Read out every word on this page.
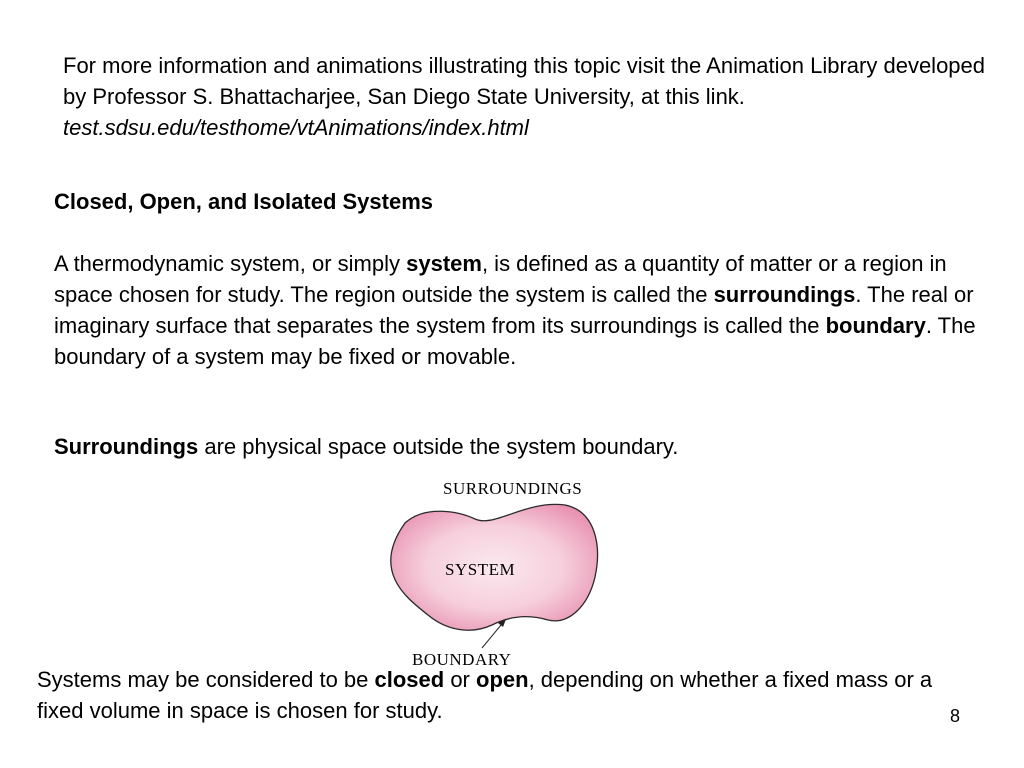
For more information and animations illustrating this topic visit the Animation Library developed by Professor S. Bhattacharjee, San Diego State University, at this link. test.sdsu.edu/testhome/vtAnimations/index.html
Closed, Open, and Isolated Systems
A thermodynamic system, or simply system, is defined as a quantity of matter or a region in space chosen for study. The region outside the system is called the surroundings. The real or imaginary surface that separates the system from its surroundings is called the boundary. The boundary of a system may be fixed or movable.
Surroundings are physical space outside the system boundary.
SURROUNDINGS
SYSTEM
BOUNDARY
Systems may be considered to be closed or open, depending on whether a fixed mass or a fixed volume in space is chosen for study.	8
